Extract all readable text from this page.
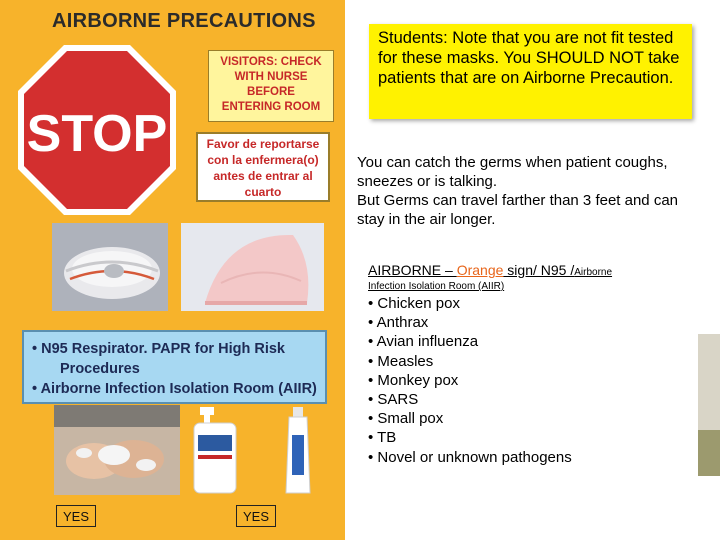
AIRBORNE PRECAUTIONS
STOP
VISITORS: CHECK
WITH NURSE
BEFORE
ENTERING ROOM
Favor de reportarse
con la enfermera(o)
antes de entrar al
cuarto
• N95 Respirator. PAPR for High Risk
Procedures
• Airborne Infection Isolation Room (AIIR)
YES	YES
Students: Note that you are not fit tested for these masks. You SHOULD NOT take patients that are on Airborne Precaution.
You can catch the germs when patient coughs, sneezes or is talking.
But Germs can travel farther than 3 feet and can stay in the air longer.
AIRBORNE – Orange sign/ N95 /Airborne
Infection Isolation Room (AIIR)
• Chicken pox
• Anthrax
• Avian influenza
• Measles
• Monkey pox
• SARS
• Small pox
• TB
• Novel or unknown pathogens
